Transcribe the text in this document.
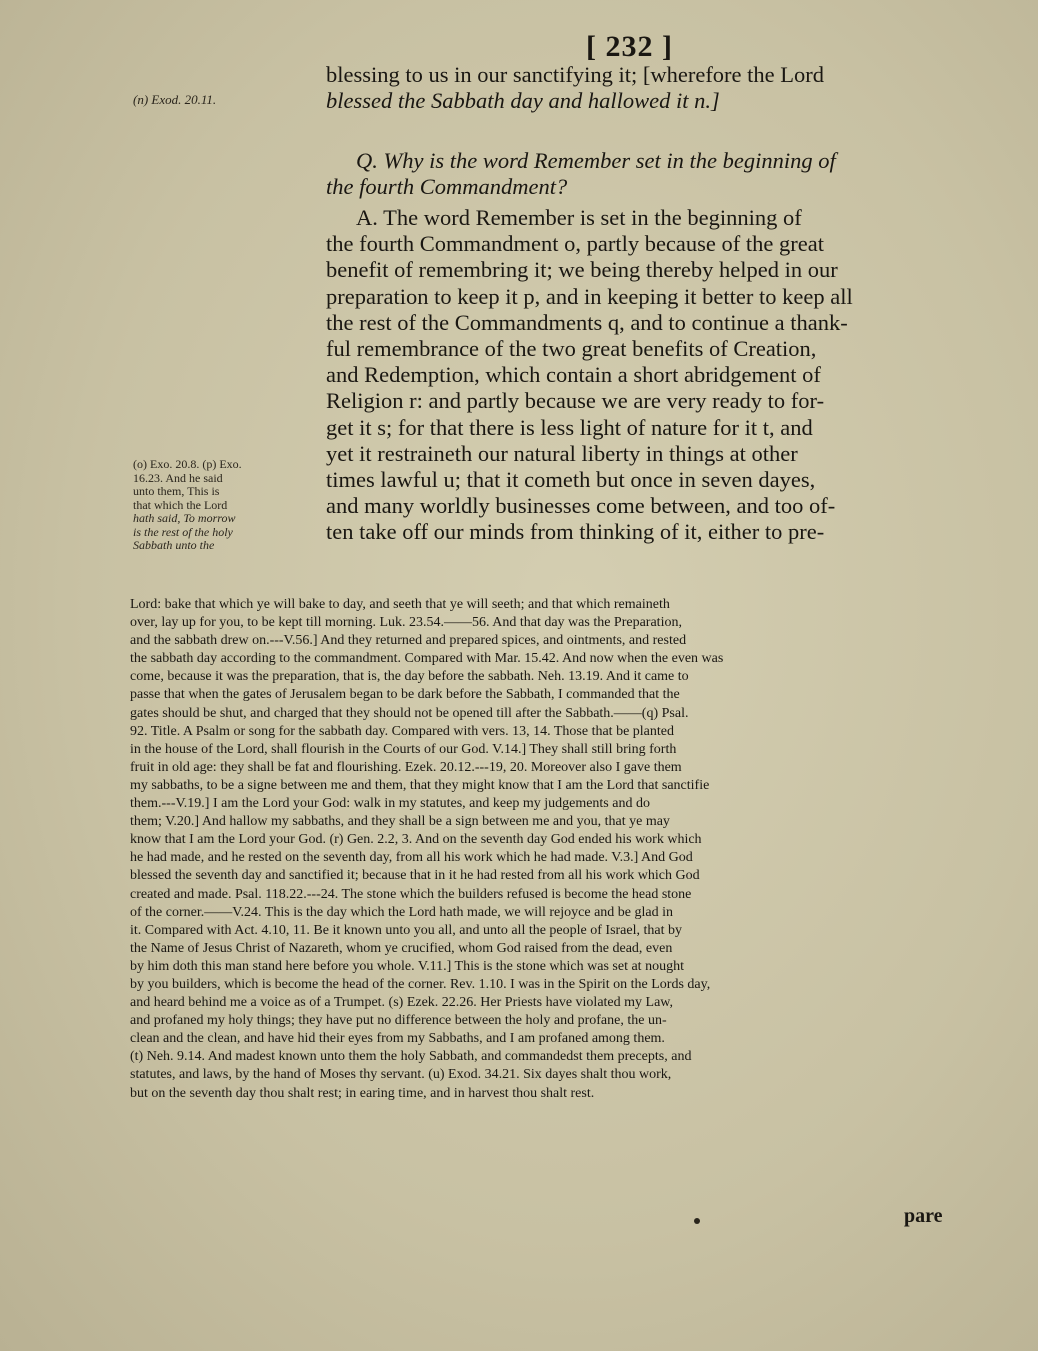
[ 232 ]
(n) Exod. 20.11.
(o) Exo. 20.8. (p) Exo.
16.23. And he said
unto them, This is
that which the Lord
hath said, To morrow
is the rest of the holy
Sabbath unto the
blessing to us in our sanctifying it; [wherefore the Lord
blessed the Sabbath day and hallowed it n.]
Q. Why is the word Remember set in the beginning of
the fourth Commandment?
A. The word Remember is set in the beginning of
the fourth Commandment o, partly because of the great
benefit of remembring it; we being thereby helped in our
preparation to keep it p, and in keeping it better to keep all
the rest of the Commandments q, and to continue a thank-
ful remembrance of the two great benefits of Creation,
and Redemption, which contain a short abridgement of
Religion r: and partly because we are very ready to for-
get it s; for that there is less light of nature for it t, and
yet it restraineth our natural liberty in things at other
times lawful u; that it cometh but once in seven dayes,
and many worldly businesses come between, and too of-
ten take off our minds from thinking of it, either to pre-
Lord: bake that which ye will bake to day, and seeth that ye will seeth; and that which remaineth
over, lay up for you, to be kept till morning. Luk. 23.54.——56. And that day was the Preparation,
and the sabbath drew on.---V.56.] And they returned and prepared spices, and ointments, and rested
the sabbath day according to the commandment. Compared with Mar. 15.42. And now when the even was
come, because it was the preparation, that is, the day before the sabbath. Neh. 13.19. And it came to
passe that when the gates of Jerusalem began to be dark before the Sabbath, I commanded that the
gates should be shut, and charged that they should not be opened till after the Sabbath.——(q) Psal.
92. Title. A Psalm or song for the sabbath day. Compared with vers. 13, 14. Those that be planted
in the house of the Lord, shall flourish in the Courts of our God. V.14.] They shall still bring forth
fruit in old age: they shall be fat and flourishing. Ezek. 20.12.---19, 20. Moreover also I gave them
my sabbaths, to be a signe between me and them, that they might know that I am the Lord that sanctifie
them.---V.19.] I am the Lord your God: walk in my statutes, and keep my judgements and do
them; V.20.] And hallow my sabbaths, and they shall be a sign between me and you, that ye may
know that I am the Lord your God. (r) Gen. 2.2, 3. And on the seventh day God ended his work which
he had made, and he rested on the seventh day, from all his work which he had made. V.3.] And God
blessed the seventh day and sanctified it; because that in it he had rested from all his work which God
created and made. Psal. 118.22.---24. The stone which the builders refused is become the head stone
of the corner.——V.24. This is the day which the Lord hath made, we will rejoyce and be glad in
it. Compared with Act. 4.10, 11. Be it known unto you all, and unto all the people of Israel, that by
the Name of Jesus Christ of Nazareth, whom ye crucified, whom God raised from the dead, even
by him doth this man stand here before you whole. V.11.] This is the stone which was set at nought
by you builders, which is become the head of the corner. Rev. 1.10. I was in the Spirit on the Lords day,
and heard behind me a voice as of a Trumpet. (s) Ezek. 22.26. Her Priests have violated my Law,
and profaned my holy things; they have put no difference between the holy and profane, the un-
clean and the clean, and have hid their eyes from my Sabbaths, and I am profaned among them.
(t) Neh. 9.14. And madest known unto them the holy Sabbath, and commandedst them precepts, and
statutes, and laws, by the hand of Moses thy servant. (u) Exod. 34.21. Six dayes shalt thou work,
but on the seventh day thou shalt rest; in earing time, and in harvest thou shalt rest.
pare
